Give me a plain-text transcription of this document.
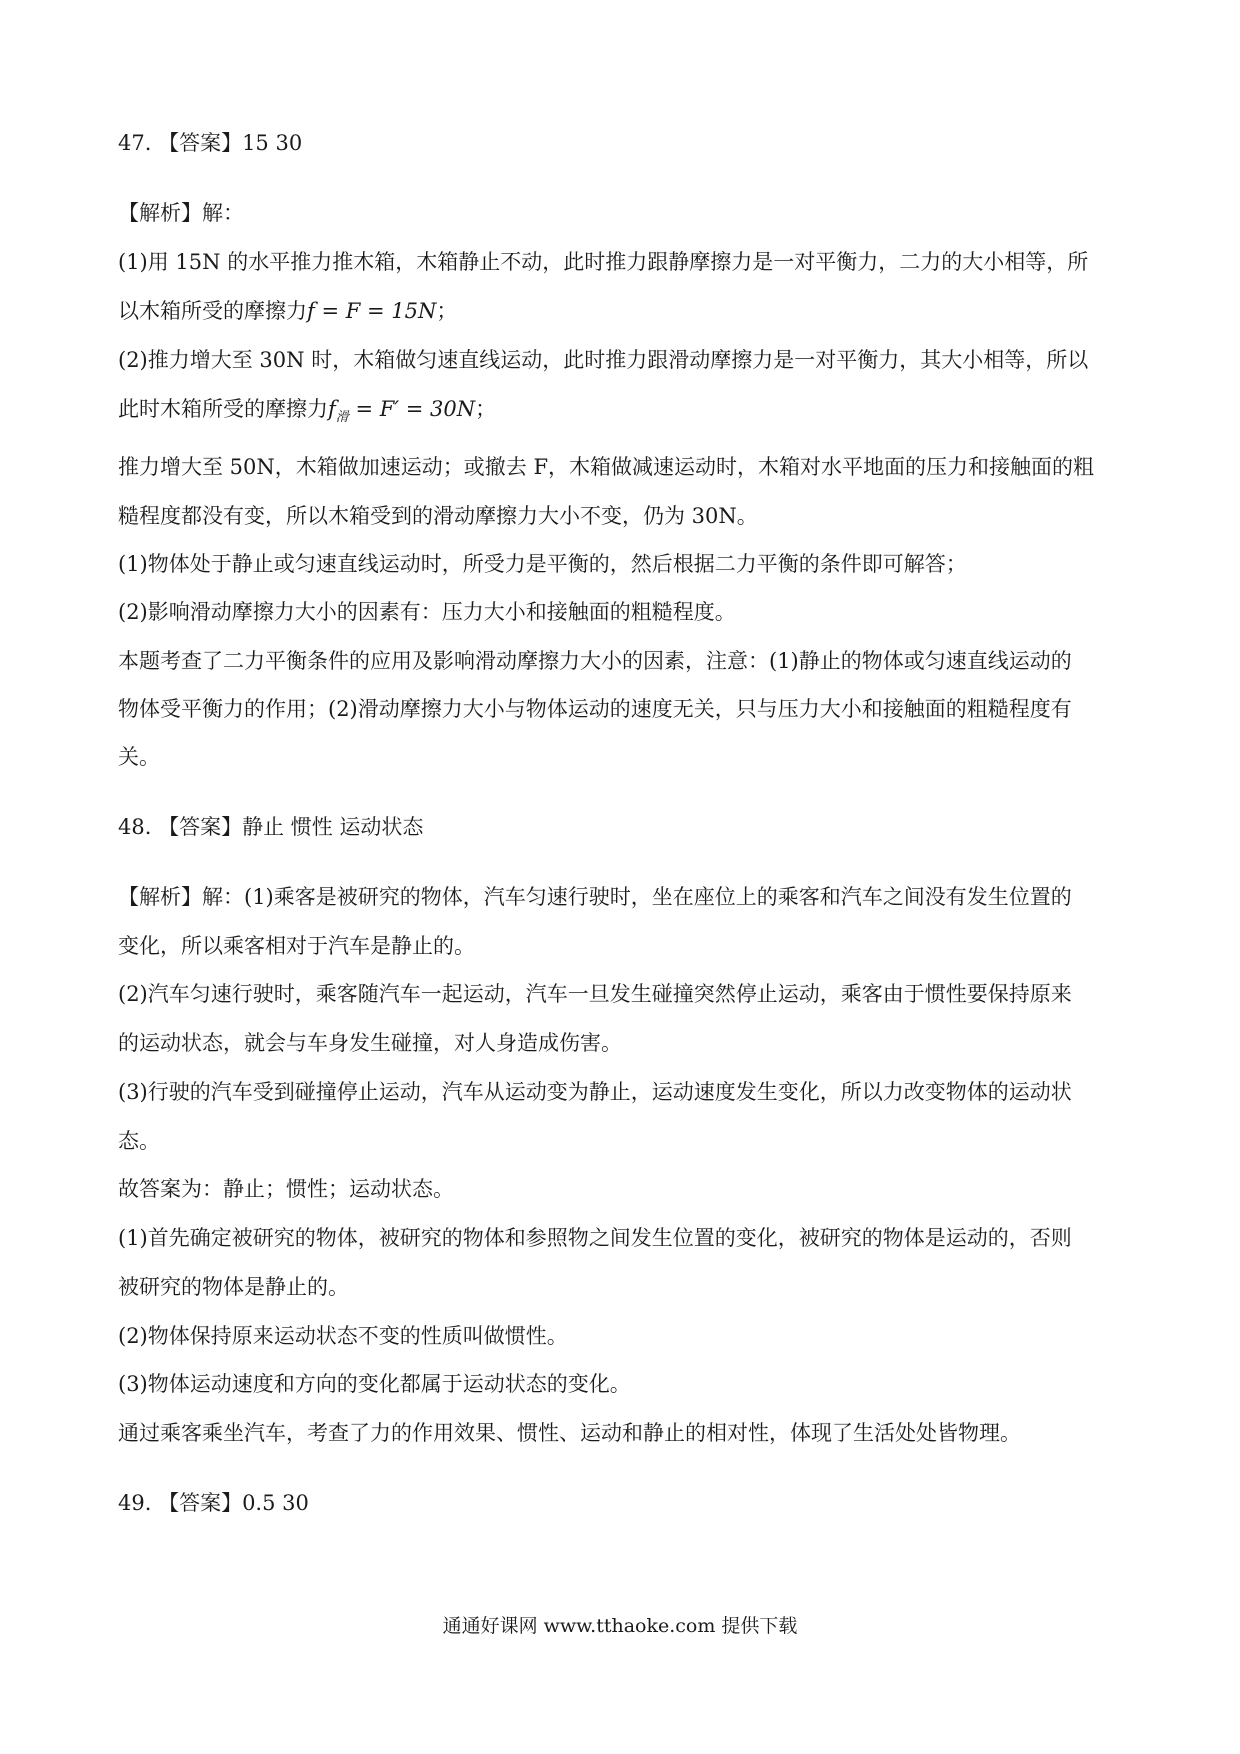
47. 【答案】15 30
【解析】解：
(1)用 15N 的水平推力推木箱，木箱静止不动，此时推力跟静摩擦力是一对平衡力，二力的大小相等，所
以木箱所受的摩擦力f = F = 15N；
(2)推力增大至 30N 时，木箱做匀速直线运动，此时推力跟滑动摩擦力是一对平衡力，其大小相等，所以
此时木箱所受的摩擦力$f_滑 = F' = 30N$；
推力增大至 50N，木箱做加速运动；或撤去 F，木箱做减速运动时，木箱对水平地面的压力和接触面的粗
糙程度都没有变，所以木箱受到的滑动摩擦力大小不变，仍为 30N。
(1)物体处于静止或匀速直线运动时，所受力是平衡的，然后根据二力平衡的条件即可解答；
(2)影响滑动摩擦力大小的因素有：压力大小和接触面的粗糙程度。
本题考查了二力平衡条件的应用及影响滑动摩擦力大小的因素，注意：(1)静止的物体或匀速直线运动的
物体受平衡力的作用；(2)滑动摩擦力大小与物体运动的速度无关，只与压力大小和接触面的粗糙程度有
关。
48. 【答案】静止 惯性 运动状态
【解析】解：(1)乘客是被研究的物体，汽车匀速行驶时，坐在座位上的乘客和汽车之间没有发生位置的
变化，所以乘客相对于汽车是静止的。
(2)汽车匀速行驶时，乘客随汽车一起运动，汽车一旦发生碰撞突然停止运动，乘客由于惯性要保持原来
的运动状态，就会与车身发生碰撞，对人身造成伤害。
(3)行驶的汽车受到碰撞停止运动，汽车从运动变为静止，运动速度发生变化，所以力改变物体的运动状
态。
故答案为：静止；惯性；运动状态。
(1)首先确定被研究的物体，被研究的物体和参照物之间发生位置的变化，被研究的物体是运动的，否则
被研究的物体是静止的。
(2)物体保持原来运动状态不变的性质叫做惯性。
(3)物体运动速度和方向的变化都属于运动状态的变化。
通过乘客乘坐汽车，考查了力的作用效果、惯性、运动和静止的相对性，体现了生活处处皆物理。
49. 【答案】0.5 30
通通好课网 www.tthaoke.com 提供下载
